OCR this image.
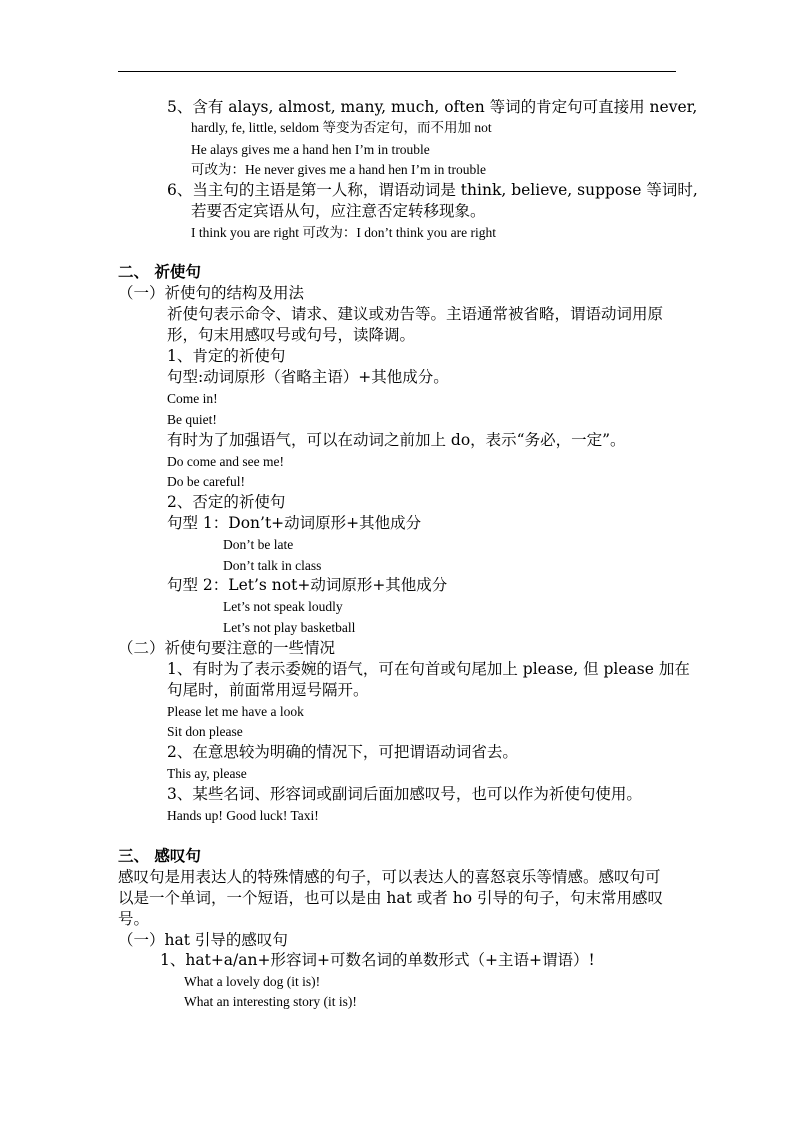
5、含有 alays, almost, many, much, often 等词的肯定句可直接用 never,
hardly, fe, little, seldom 等变为否定句，而不用加 not
He alays gives me a hand hen I’m in trouble
可改为：He never gives me a hand hen I’m in trouble
6、当主句的主语是第一人称，谓语动词是 think, believe, suppose 等词时,
若要否定宾语从句，应注意否定转移现象。
I think you are right 可改为：I don’t think you are right
二、 祈使句
（一）祈使句的结构及用法
祈使句表示命令、请求、建议或劝告等。主语通常被省略，谓语动词用原
形，句末用感叹号或句号，读降调。
1、肯定的祈使句
句型:动词原形（省略主语）+其他成分。
Come in!
Be quiet!
有时为了加强语气，可以在动词之前加上 do，表示“务必，一定”。
Do come and see me!
Do be careful!
2、否定的祈使句
句型 1：Don’t+动词原形+其他成分
Don’t be late
Don’t talk in class
句型 2：Let’s not+动词原形+其他成分
Let’s not speak loudly
Let’s not play basketball
（二）祈使句要注意的一些情况
1、有时为了表示委婉的语气，可在句首或句尾加上 please, 但 please 加在
句尾时，前面常用逗号隔开。
Please let me have a look
Sit don please
2、在意思较为明确的情况下，可把谓语动词省去。
This ay, please
3、某些名词、形容词或副词后面加感叹号，也可以作为祈使句使用。
Hands up! Good luck! Taxi!
三、 感叹句
感叹句是用表达人的特殊情感的句子，可以表达人的喜怒哀乐等情感。感叹句可
以是一个单词，一个短语，也可以是由 hat 或者 ho 引导的句子，句末常用感叹
号。
（一）hat 引导的感叹句
1、hat+a/an+形容词+可数名词的单数形式（+主语+谓语）!
What a lovely dog (it is)!
What an interesting story (it is)!
